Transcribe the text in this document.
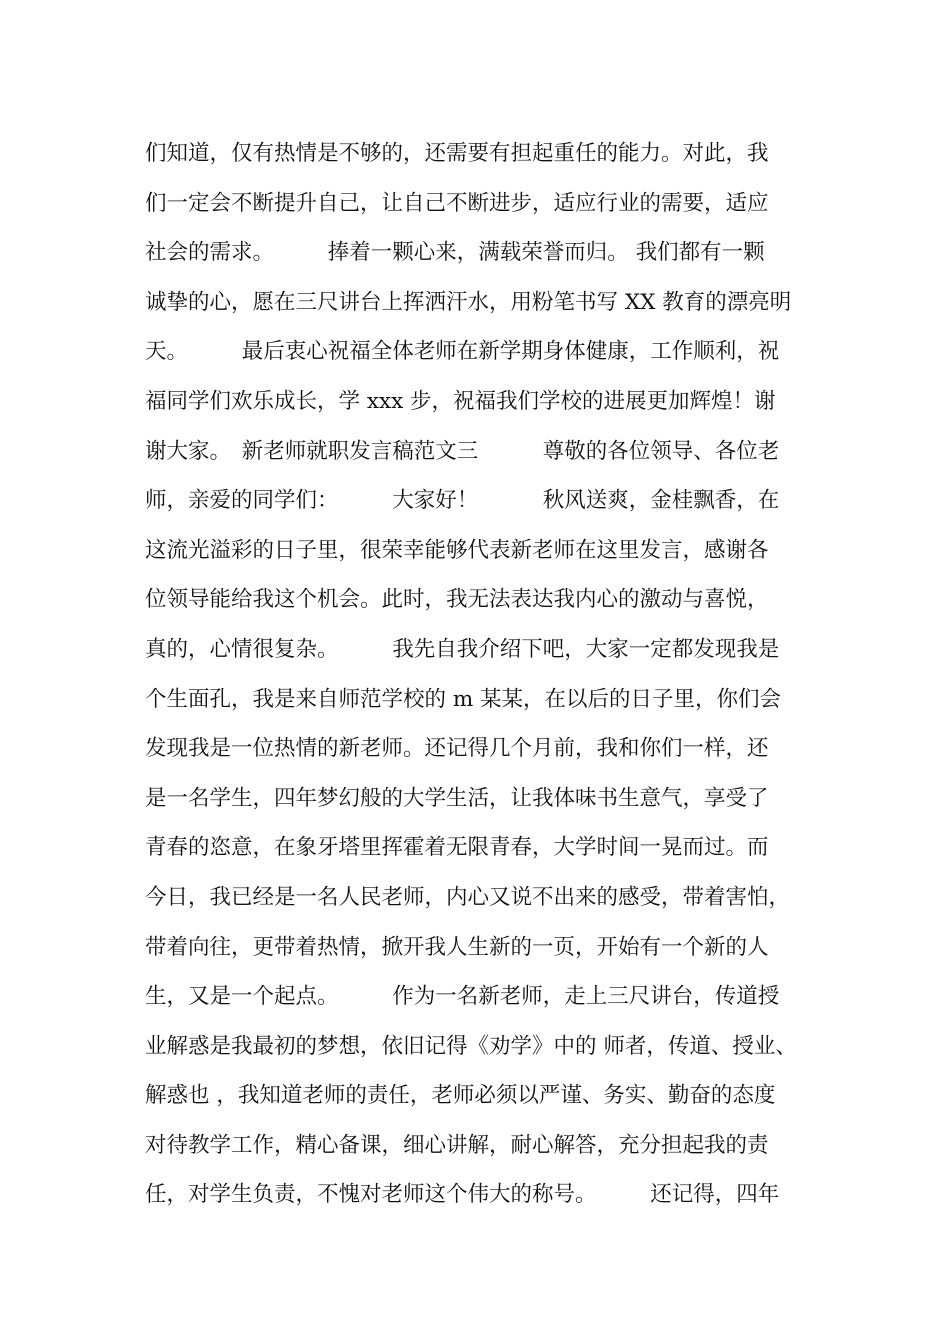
们知道，仅有热情是不够的，还需要有担起重任的能力。对此，我
们一定会不断提升自己，让自己不断进步，适应行业的需要，适应
社会的需求。　　　捧着一颗心来，满载荣誉而归。 我们都有一颗
诚挚的心，愿在三尺讲台上挥洒汗水，用粉笔书写 XX 教育的漂亮明
天。　　　最后衷心祝福全体老师在新学期身体健康，工作顺利，祝
福同学们欢乐成长，学 xxx 步，祝福我们学校的进展更加辉煌！谢
谢大家。　新老师就职发言稿范文三　　　尊敬的各位领导、各位老
师，亲爱的同学们：　　　大家好！　　　秋风送爽，金桂飘香，在
这流光溢彩的日子里，很荣幸能够代表新老师在这里发言，感谢各
位领导能给我这个机会。此时，我无法表达我内心的激动与喜悦，
真的，心情很复杂。　　　我先自我介绍下吧，大家一定都发现我是
个生面孔，我是来自师范学校的 m 某某，在以后的日子里，你们会
发现我是一位热情的新老师。还记得几个月前，我和你们一样，还
是一名学生，四年梦幻般的大学生活，让我体味书生意气，享受了
青春的恣意，在象牙塔里挥霍着无限青春，大学时间一晃而过。而
今日，我已经是一名人民老师，内心又说不出来的感受，带着害怕，
带着向往，更带着热情，掀开我人生新的一页，开始有一个新的人
生，又是一个起点。　　　作为一名新老师，走上三尺讲台，传道授
业解惑是我最初的梦想，依旧记得《劝学》中的 师者，传道、授业、
解惑也 ，我知道老师的责任，老师必须以严谨、务实、勤奋的态度
对待教学工作，精心备课，细心讲解，耐心解答，充分担起我的责
任，对学生负责，不愧对老师这个伟大的称号。　　　还记得，四年
